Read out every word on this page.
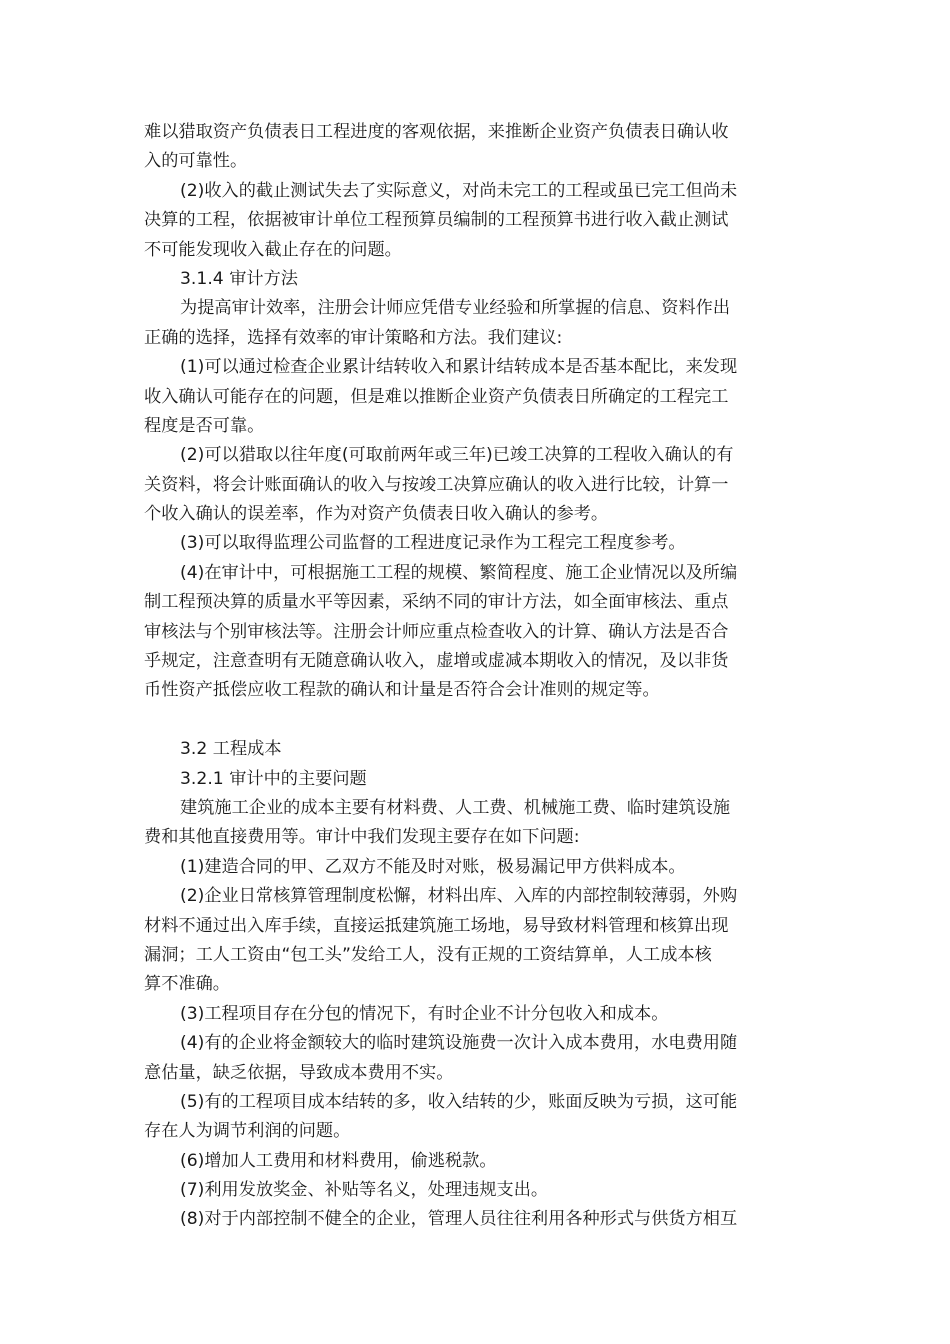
难以猎取资产负债表日工程进度的客观依据，来推断企业资产负债表日确认收
入的可靠性。
(2)收入的截止测试失去了实际意义，对尚未完工的工程或虽已完工但尚未
决算的工程，依据被审计单位工程预算员编制的工程预算书进行收入截止测试
不可能发现收入截止存在的问题。
3.1.4 审计方法
为提高审计效率，注册会计师应凭借专业经验和所掌握的信息、资料作出
正确的选择，选择有效率的审计策略和方法。我们建议:
(1)可以通过检查企业累计结转收入和累计结转成本是否基本配比，来发现
收入确认可能存在的问题，但是难以推断企业资产负债表日所确定的工程完工
程度是否可靠。
(2)可以猎取以往年度(可取前两年或三年)已竣工决算的工程收入确认的有
关资料，将会计账面确认的收入与按竣工决算应确认的收入进行比较，计算一
个收入确认的误差率，作为对资产负债表日收入确认的参考。
(3)可以取得监理公司监督的工程进度记录作为工程完工程度参考。
(4)在审计中，可根据施工工程的规模、繁简程度、施工企业情况以及所编
制工程预决算的质量水平等因素，采纳不同的审计方法，如全面审核法、重点
审核法与个别审核法等。注册会计师应重点检查收入的计算、确认方法是否合
乎规定，注意查明有无随意确认收入，虚增或虚减本期收入的情况，及以非货
币性资产抵偿应收工程款的确认和计量是否符合会计准则的规定等。
3.2 工程成本
3.2.1 审计中的主要问题
建筑施工企业的成本主要有材料费、人工费、机械施工费、临时建筑设施
费和其他直接费用等。审计中我们发现主要存在如下问题:
(1)建造合同的甲、乙双方不能及时对账，极易漏记甲方供料成本。
(2)企业日常核算管理制度松懈，材料出库、入库的内部控制较薄弱，外购
材料不通过出入库手续，直接运抵建筑施工场地，易导致材料管理和核算出现
漏洞；工人工资由“包工头”发给工人，没有正规的工资结算单，人工成本核
算不准确。
(3)工程项目存在分包的情况下，有时企业不计分包收入和成本。
(4)有的企业将金额较大的临时建筑设施费一次计入成本费用，水电费用随
意估量，缺乏依据，导致成本费用不实。
(5)有的工程项目成本结转的多，收入结转的少，账面反映为亏损，这可能
存在人为调节利润的问题。
(6)增加人工费用和材料费用，偷逃税款。
(7)利用发放奖金、补贴等名义，处理违规支出。
(8)对于内部控制不健全的企业，管理人员往往利用各种形式与供货方相互
